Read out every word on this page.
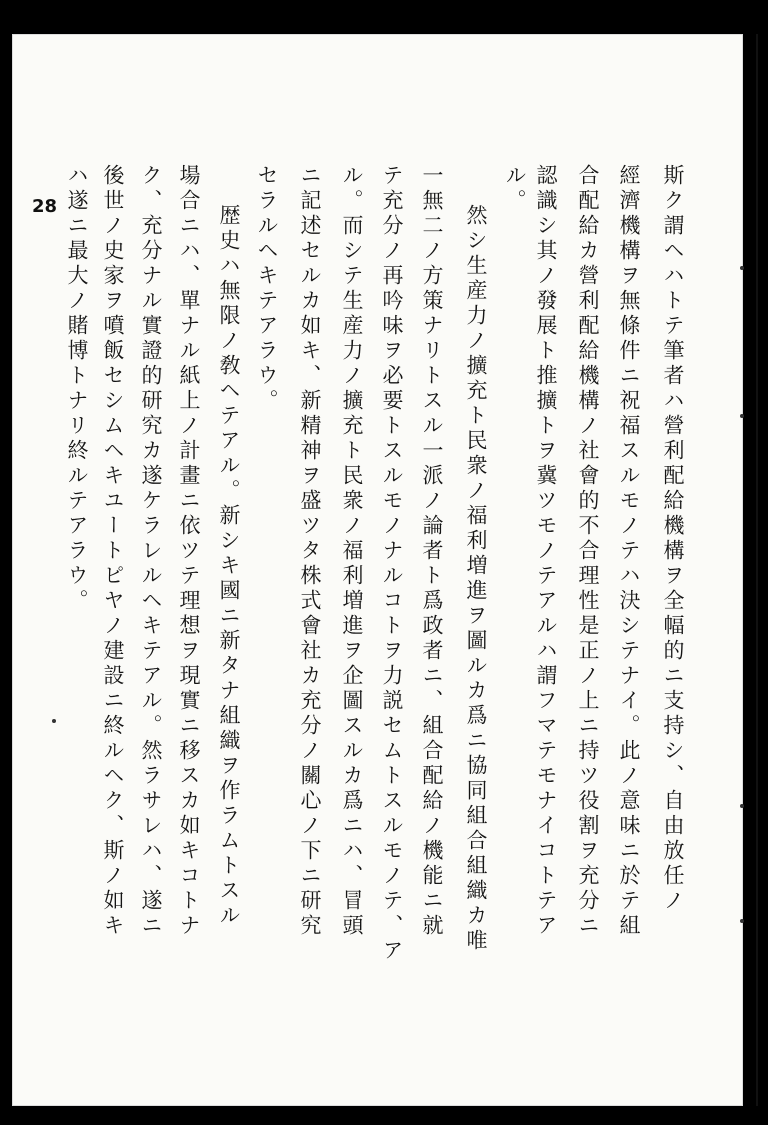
斯ク謂ヘハトテ筆者ハ營利配給機構ヲ全幅的ニ支持シ、自由放任ノ
經濟機構ヲ無條件ニ祝福スルモノテハ決シテナイ。此ノ意味ニ於テ組
合配給カ營利配給機構ノ社會的不合理性是正ノ上ニ持ツ役割ヲ充分ニ
認識シ其ノ發展ト推擴トヲ冀ツモノテアルハ謂フマテモナイコトテア
ル。
然シ生産力ノ擴充ト民衆ノ福利増進ヲ圖ルカ爲ニ協同組合組織カ唯
一無二ノ方策ナリトスル一派ノ論者ト爲政者ニ、組合配給ノ機能ニ就
テ充分ノ再吟味ヲ必要トスルモノナルコトヲ力説セムトスルモノテ、ア
ル。而シテ生産力ノ擴充ト民衆ノ福利増進ヲ企圖スルカ爲ニハ、冒頭
ニ記述セルカ如キ、新精神ヲ盛ツタ株式會社カ充分ノ關心ノ下ニ研究
セラルヘキテアラウ。
歴史ハ無限ノ敎ヘテアル。新シキ國ニ新タナ組織ヲ作ラムトスル
場合ニハ、單ナル紙上ノ計畫ニ依ツテ理想ヲ現實ニ移スカ如キコトナ
ク、充分ナル實證的研究カ遂ケラレルヘキテアル。然ラサレハ、遂ニ
後世ノ史家ヲ噴飯セシムヘキユートピヤノ建設ニ終ルヘク、斯ノ如キ
ハ遂ニ最大ノ賭博トナリ終ルテアラウ。
28
